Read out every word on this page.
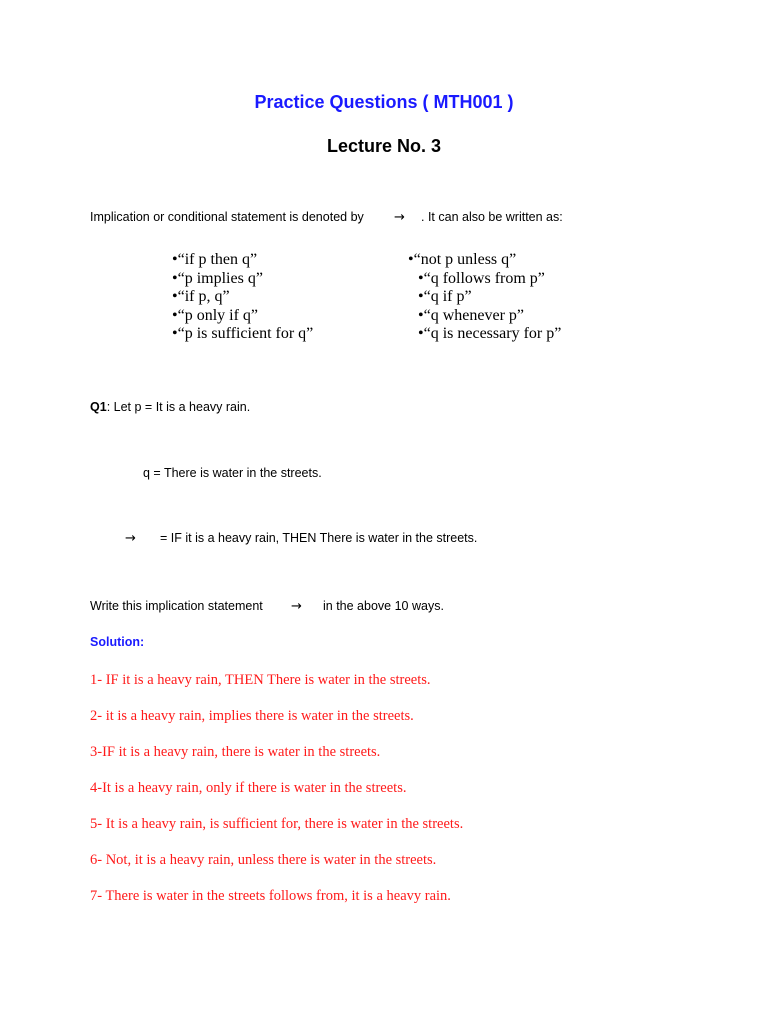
Practice Questions ( MTH001 )
Lecture No. 3
Implication or conditional statement is denoted by → . It can also be written as:
•“if p then q”
•“p implies q”
•“if p, q”
•“p only if q”
•“p is sufficient for q”
•“not p unless q”
•“q follows from p”
•“q if p”
•“q whenever p”
•“q is necessary for p”
Q1: Let p = It is a heavy rain.
q = There is water in the streets.
→ = IF it is a heavy rain, THEN There is water in the streets.
Write this implication statement → in the above 10 ways.
Solution:
1- IF it is a heavy rain, THEN There is water in the streets.
2- it is a heavy rain, implies there is water in the streets.
3-IF it is a heavy rain, there is water in the streets.
4-It is a heavy rain, only if there is water in the streets.
5- It is a heavy rain, is sufficient for, there is water in the streets.
6- Not, it is a heavy rain, unless there is water in the streets.
7- There is water in the streets follows from, it is a heavy rain.
